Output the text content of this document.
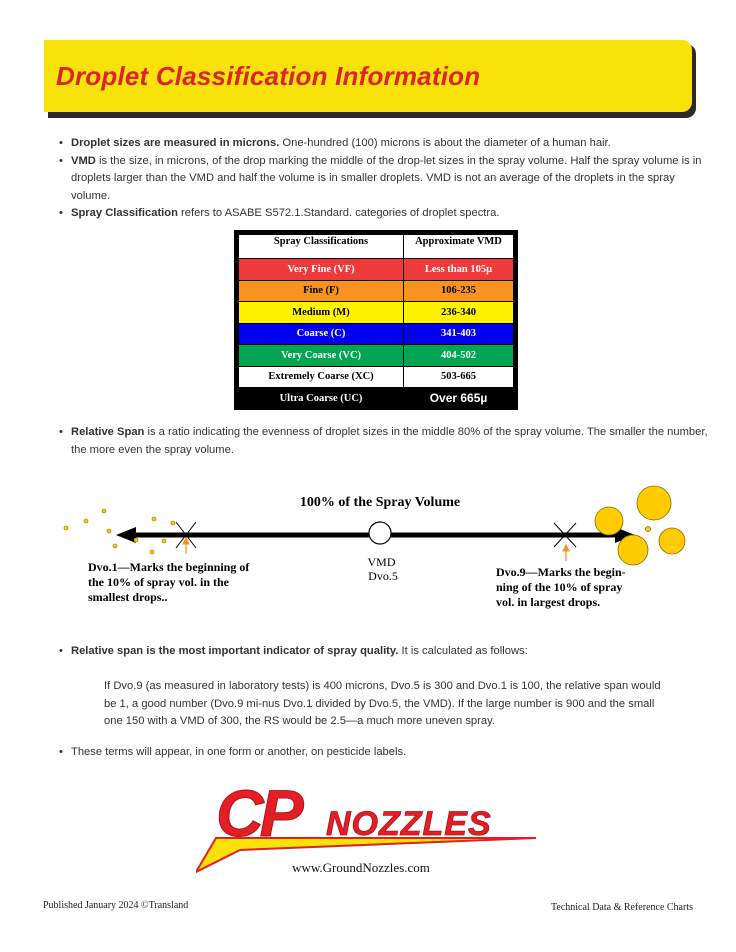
Droplet Classification Information
• Droplet sizes are measured in microns. One-hundred (100) microns is about the diameter of a human hair.
• VMD is the size, in microns, of the drop marking the middle of the drop-let sizes in the spray volume. Half the spray volume is in droplets larger than the VMD and half the volume is in smaller droplets. VMD is not an average of the droplets in the spray volume.
• Spray Classification refers to ASABE S572.1.Standard. categories of droplet spectra.
Spray Classifications	Approximate VMD
Very Fine (VF)	Less than 105µ
Fine (F)	106-235
Medium (M)	236-340
Coarse (C)	341-403
Very Coarse (VC)	404-502
Extremely Coarse (XC)	503-665
Ultra Coarse (UC)	Over 665µ
• Relative Span is a ratio indicating the evenness of droplet sizes in the middle 80% of the spray volume. The smaller the number, the more even the spray volume.
100% of the Spray Volume
Dvo.1—Marks the beginning of the 10% of spray vol. in the smallest drops..
VMD Dvo.5	Dvo.9—Marks the begin- ning of the 10% of spray vol. in largest drops.
• Relative span is the most important indicator of spray quality. It is calculated as follows:

If Dvo.9 (as measured in laboratory tests) is 400 microns, Dvo.5 is 300 and Dvo.1 is 100, the relative span would be 1, a good number (Dvo.9 mi-nus Dvo.1 divided by Dvo.5, the VMD). If the large number is 900 and the small one 150 with a VMD of 300, the RS would be 2.5—a much more uneven spray.

• These terms will appear, in one form or another, on pesticide labels.
CP NOZZLES
www.GroundNozzles.com
Published January 2024 ©Transland	Technical Data & Reference Charts
